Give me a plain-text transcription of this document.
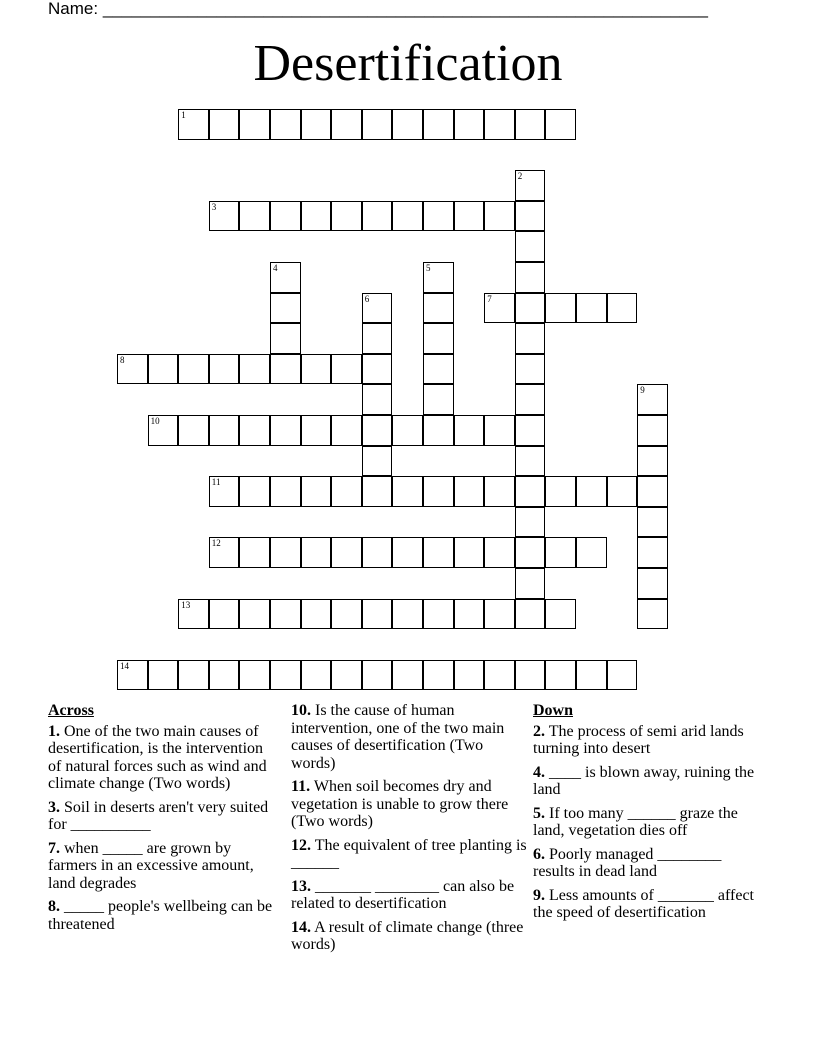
Name: ________________________________________________________________
Desertification
1
2
3
4	5
6	7
8
9
10
11
12
13
14
Across
1. One of the two main causes of desertification, is the intervention of natural forces such as wind and climate change (Two words)
3. Soil in deserts aren't very suited for __________
7. when _____ are grown by farmers in an excessive amount, land degrades
8. _____ people's wellbeing can be threatened
10. Is the cause of human intervention, one of the two main causes of desertification (Two words)
11. When soil becomes dry and vegetation is unable to grow there (Two words)
12. The equivalent of tree planting is ______
13. _______ ________ can also be related to desertification
14. A result of climate change (three words)
Down
2. The process of semi arid lands turning into desert
4. ____ is blown away, ruining the land
5. If too many ______ graze the land, vegetation dies off
6. Poorly managed ________ results in dead land
9. Less amounts of _______ affect the speed of desertification
